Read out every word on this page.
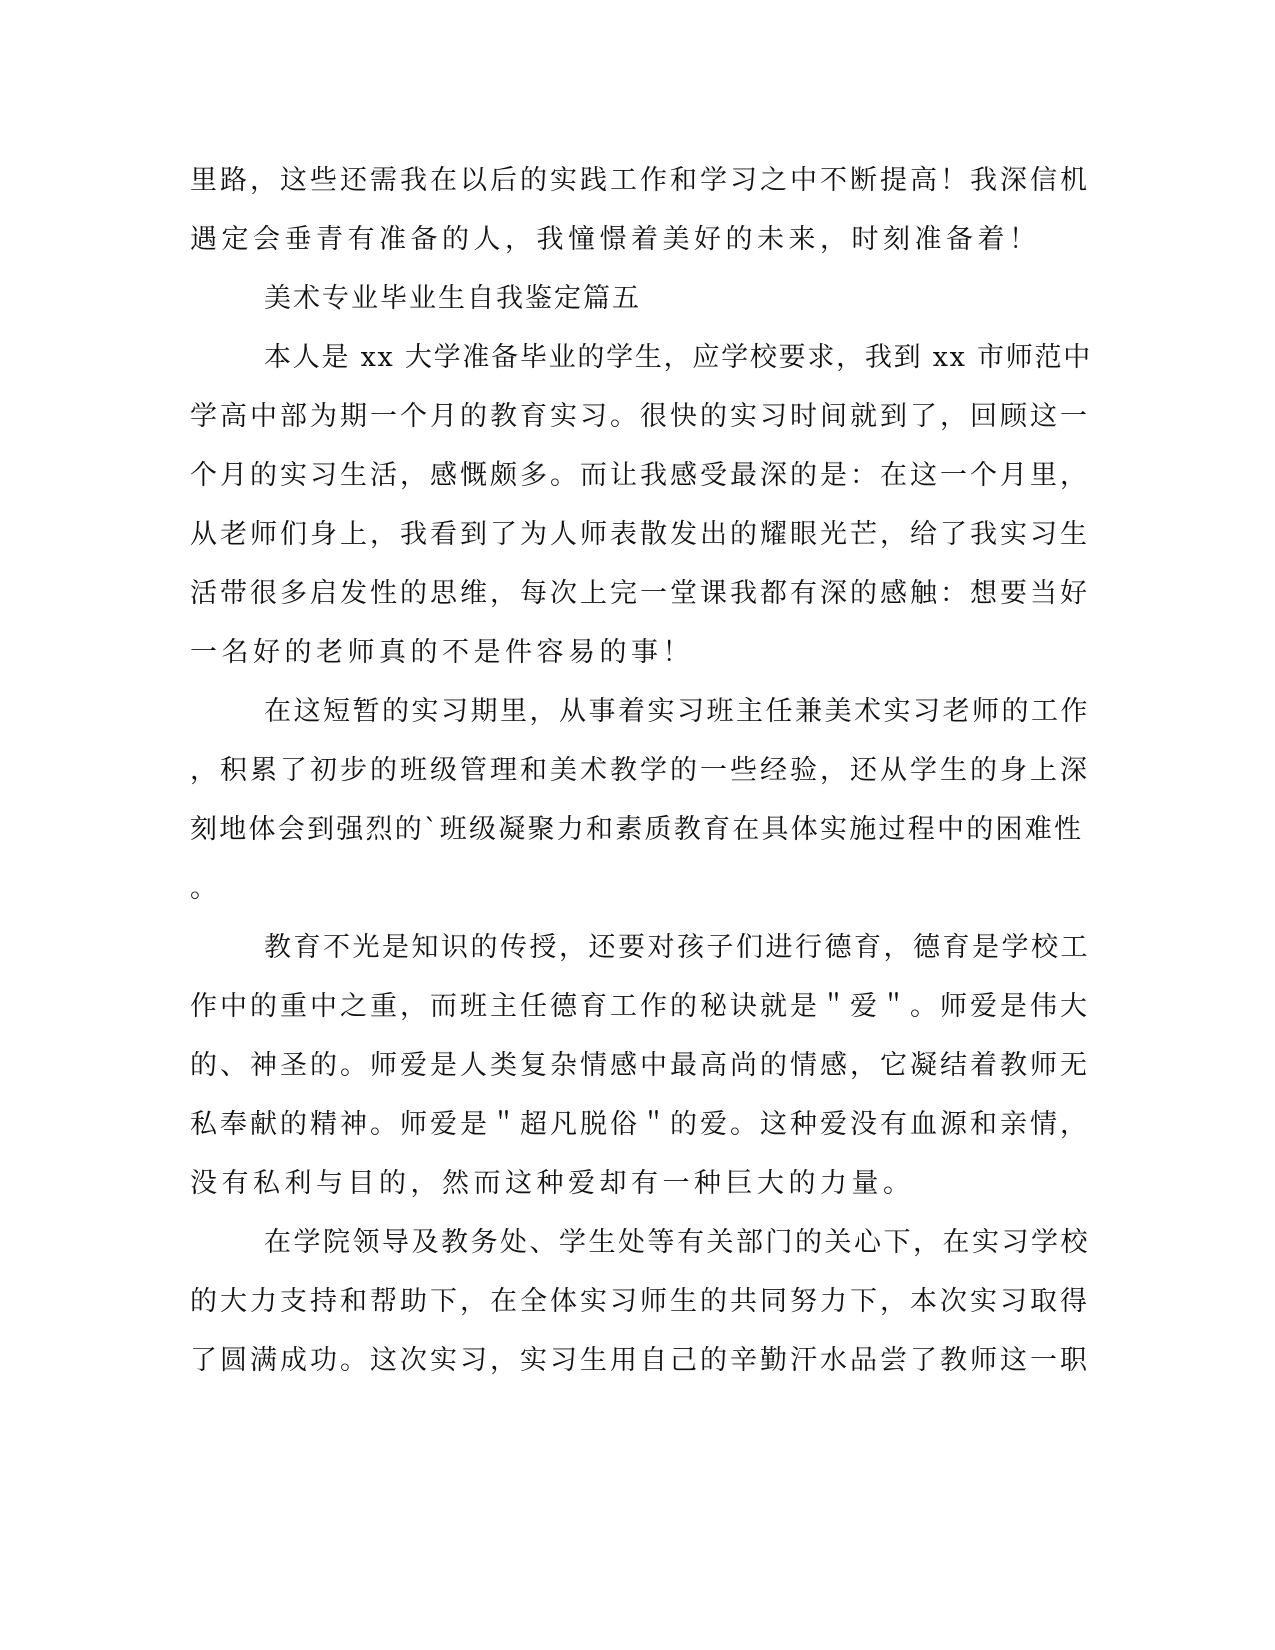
里路，这些还需我在以后的实践工作和学习之中不断提高！我深信机
遇定会垂青有准备的人，我憧憬着美好的未来，时刻准备着！
美术专业毕业生自我鉴定篇五
本人是 xx 大学准备毕业的学生，应学校要求，我到 xx 市师范中
学高中部为期一个月的教育实习。很快的实习时间就到了，回顾这一
个月的实习生活，感慨颇多。而让我感受最深的是：在这一个月里，
从老师们身上，我看到了为人师表散发出的耀眼光芒，给了我实习生
活带很多启发性的思维，每次上完一堂课我都有深的感触：想要当好
一名好的老师真的不是件容易的事！
在这短暂的实习期里，从事着实习班主任兼美术实习老师的工作
，积累了初步的班级管理和美术教学的一些经验，还从学生的身上深
刻地体会到强烈的`班级凝聚力和素质教育在具体实施过程中的困难性
。
教育不光是知识的传授，还要对孩子们进行德育，德育是学校工
作中的重中之重，而班主任德育工作的秘诀就是＂爱＂。师爱是伟大
的、神圣的。师爱是人类复杂情感中最高尚的情感，它凝结着教师无
私奉献的精神。师爱是＂超凡脱俗＂的爱。这种爱没有血源和亲情，
没有私利与目的，然而这种爱却有一种巨大的力量。
在学院领导及教务处、学生处等有关部门的关心下，在实习学校
的大力支持和帮助下，在全体实习师生的共同努力下，本次实习取得
了圆满成功。这次实习，实习生用自己的辛勤汗水品尝了教师这一职
